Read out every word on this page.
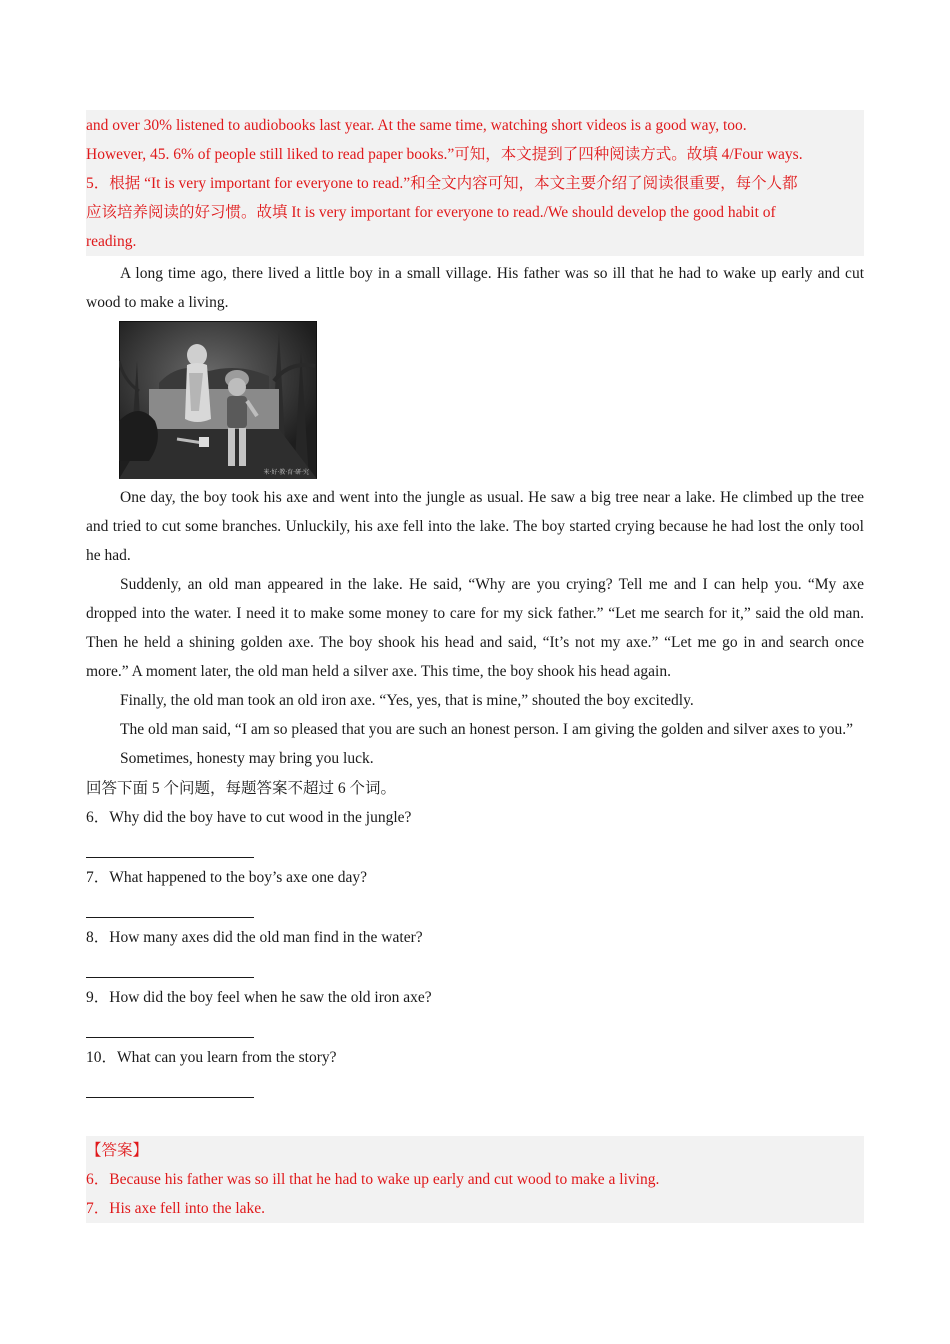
and over 30% listened to audiobooks last year. At the same time, watching short videos is a good way, too.
However, 45. 6% of people still liked to read paper books.”可知，本文提到了四种阅读方式。故填 4/Four ways.
5．根据 “It is very important for everyone to read.”和全文内容可知，本文主要介绍了阅读很重要，每个人都
应该培养阅读的好习惯。故填 It is very important for everyone to read./We should develop the good habit of
reading.
A long time ago, there lived a little boy in a small village. His father was so ill that he had to wake up early and cut wood to make a living.
米·好·教·育·研·究
One day, the boy took his axe and went into the jungle as usual. He saw a big tree near a lake. He climbed up the tree and tried to cut some branches. Unluckily, his axe fell into the lake. The boy started crying because he had lost the only tool he had.
Suddenly, an old man appeared in the lake. He said, “Why are you crying? Tell me and I can help you. “My axe dropped into the water. I need it to make some money to care for my sick father.” “Let me search for it,” said the old man. Then he held a shining golden axe. The boy shook his head and said, “It’s not my axe.” “Let me go in and search once more.” A moment later, the old man held a silver axe. This time, the boy shook his head again.
Finally, the old man took an old iron axe. “Yes, yes, that is mine,” shouted the boy excitedly.
The old man said, “I am so pleased that you are such an honest person. I am giving the golden and silver axes to you.”
Sometimes, honesty may bring you luck.
回答下面 5 个问题，每题答案不超过 6 个词。
6．Why did the boy have to cut wood in the jungle?
7．What happened to the boy’s axe one day?
8．How many axes did the old man find in the water?
9．How did the boy feel when he saw the old iron axe?
10．What can you learn from the story?
【答案】
6．Because his father was so ill that he had to wake up early and cut wood to make a living.
7．His axe fell into the lake.
